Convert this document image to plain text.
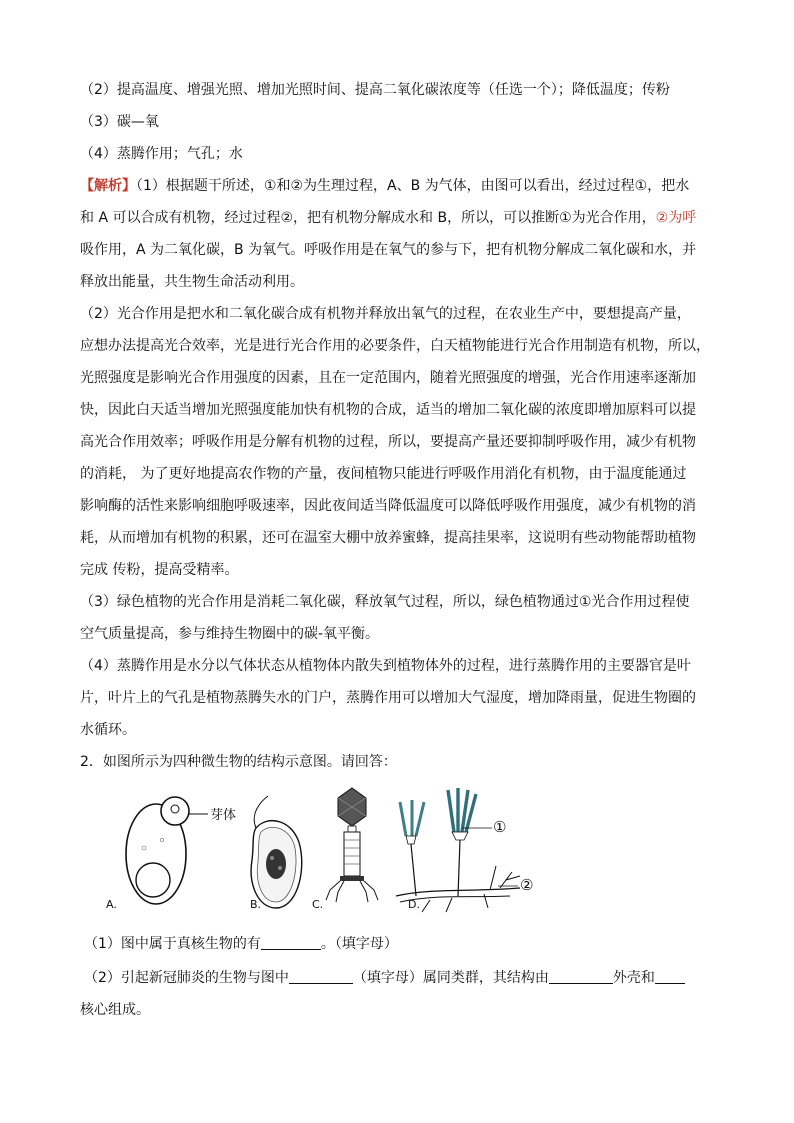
（2）提高温度、增强光照、增加光照时间、提高二氧化碳浓度等（任选一个）；降低温度；传粉
（3）碳—氧
（4）蒸腾作用；气孔；水
【解析】（1）根据题干所述，①和②为生理过程，A、B 为气体，由图可以看出，经过过程①，把水
和 A 可以合成有机物，经过过程②，把有机物分解成水和 B，所以，可以推断①为光合作用，②为呼
吸作用，A 为二氧化碳，B 为氧气。呼吸作用是在氧气的参与下，把有机物分解成二氧化碳和水，并
释放出能量，共生物生命活动利用。
（2）光合作用是把水和二氧化碳合成有机物并释放出氧气的过程，在农业生产中，要想提高产量，
应想办法提高光合效率，光是进行光合作用的必要条件，白天植物能进行光合作用制造有机物，所以，
光照强度是影响光合作用强度的因素，且在一定范围内，随着光照强度的增强，光合作用速率逐渐加
快，因此白天适当增加光照强度能加快有机物的合成，适当的增加二氧化碳的浓度即增加原料可以提
高光合作用效率；呼吸作用是分解有机物的过程，所以，要提高产量还要抑制呼吸作用，减少有机物
的消耗， 为了更好地提高农作物的产量，夜间植物只能进行呼吸作用消化有机物，由于温度能通过
影响酶的活性来影响细胞呼吸速率，因此夜间适当降低温度可以降低呼吸作用强度，减少有机物的消
耗，从而增加有机物的积累，还可在温室大棚中放养蜜蜂，提高挂果率，这说明有些动物能帮助植物
完成 传粉，提高受精率。
（3）绿色植物的光合作用是消耗二氧化碳，释放氧气过程，所以，绿色植物通过①光合作用过程使
空气质量提高，参与维持生物圈中的碳-氧平衡。
（4）蒸腾作用是水分以气体状态从植物体内散失到植物体外的过程，进行蒸腾作用的主要器官是叶
片，叶片上的气孔是植物蒸腾失水的门户，蒸腾作用可以增加大气湿度，增加降雨量，促进生物圈的
水循环。
2．如图所示为四种微生物的结构示意图。请回答：
芽体
A.	B.	C.	D.
①
②
（1）图中属于真核生物的有	。（填字母）
（2）引起新冠肺炎的生物与图中	（填字母）属同类群，其结构由	外壳和
核心组成。
